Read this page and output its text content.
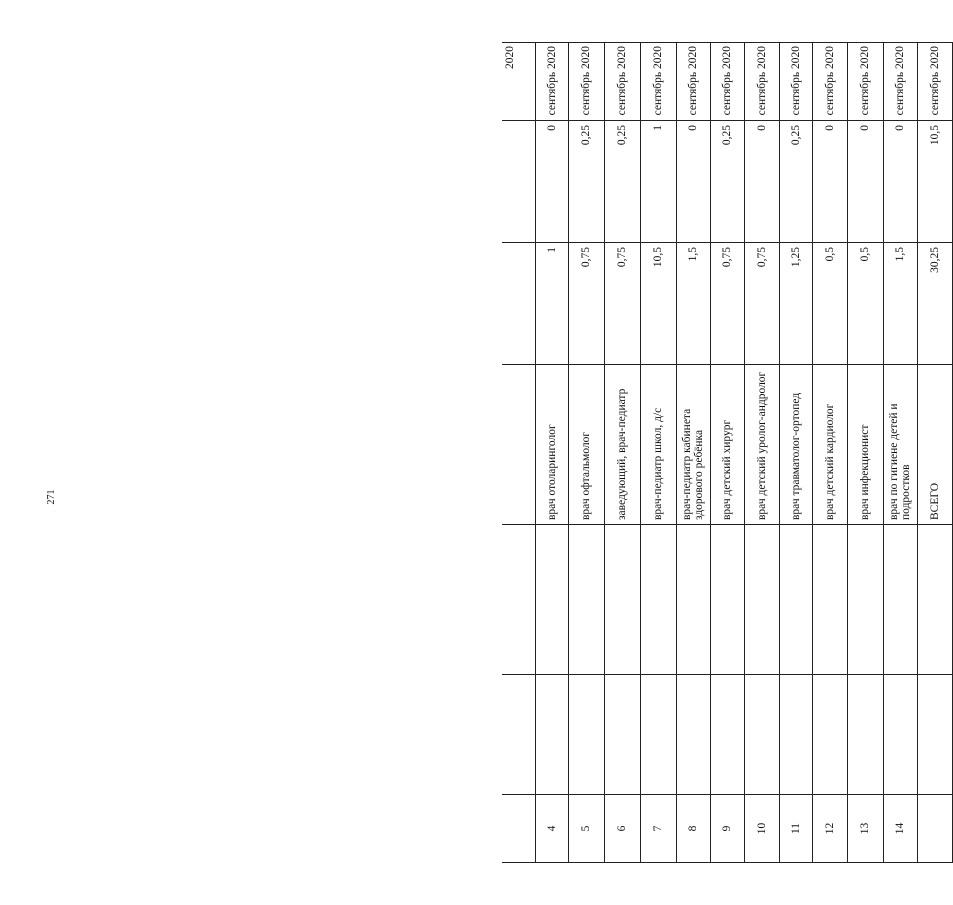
271
						2020
4			врач отоларинголог	1	0	сентябрь 2020
5			врач офтальмолог	0,75	0,25	сентябрь 2020
6			заведующий, врач-педиатр	0,75	0,25	сентябрь 2020
7			врач-педиатр школ, д/с	10,5	1	сентябрь 2020
8			врач-педиатр кабинета здорового ребёнка	1,5	0	сентябрь 2020
9			врач детский хирург	0,75	0,25	сентябрь 2020
10			врач детский уролог-андролог	0,75	0	сентябрь 2020
11			врач травматолог-ортопед	1,25	0,25	сентябрь 2020
12			врач детский кардиолог	0,5	0	сентябрь 2020
13			врач инфекционист	0,5	0	сентябрь 2020
14			врач по гигиене детей и подростков	1,5	0	сентябрь 2020
			ВСЕГО	30,25	10,5	сентябрь 2020
